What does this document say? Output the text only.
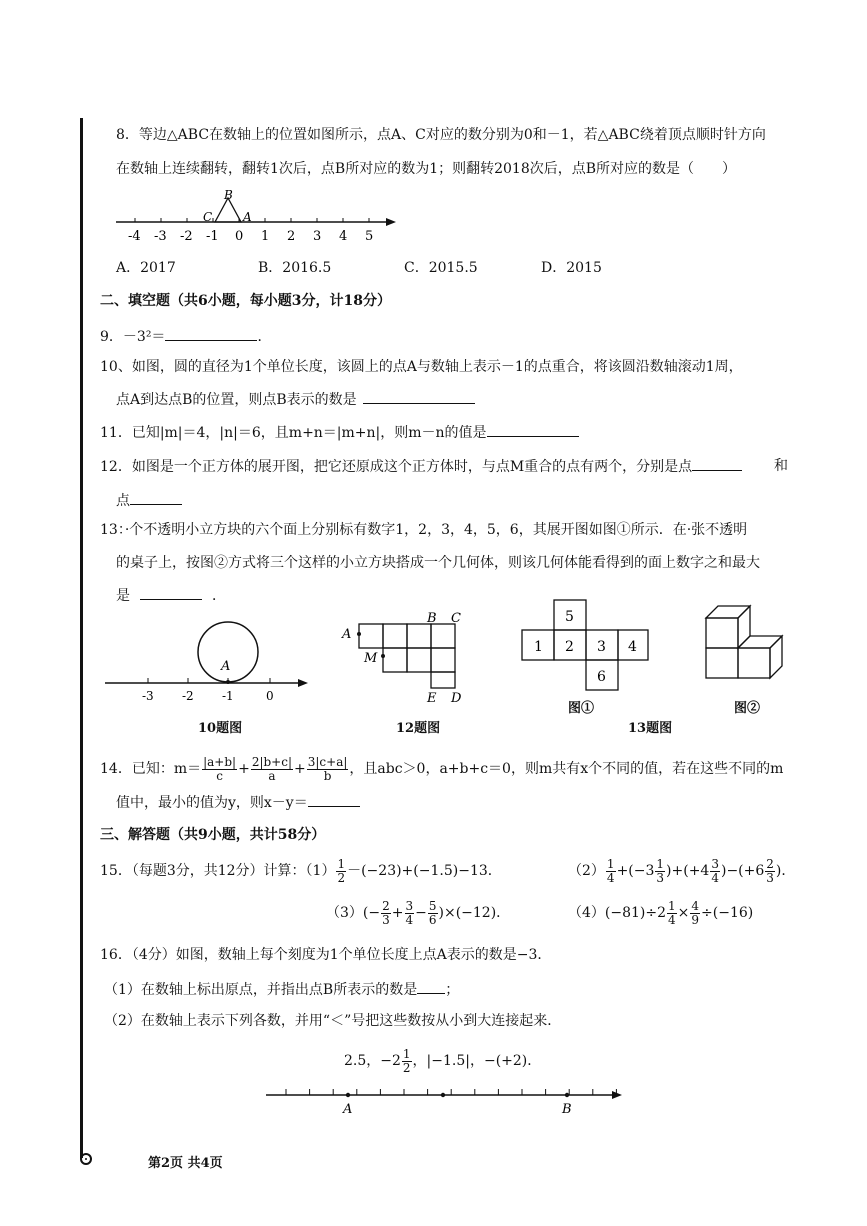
8．等边△ABC在数轴上的位置如图所示，点A、C对应的数分别为0和－1，若△ABC绕着顶点顺时针方向
在数轴上连续翻转，翻转1次后，点B所对应的数为1；则翻转2018次后，点B所对应的数是（　　）
-4 -3 -2 -1 0 1 2 3 4 5
B
C	A
A．2017	B．2016.5	C．2015.5	D．2015
二、填空题（共6小题，每小题3分，计18分）
9．－3²＝	．
10、如图，圆的直径为1个单位长度，该圆上的点A与数轴上表示－1的点重合，将该圆沿数轴滚动1周，
点A到达点B的位置，则点B表示的数是
11．已知|m|＝4，|n|＝6，且m+n＝|m+n|，则m－n的值是
12．如图是一个正方体的展开图，把它还原成这个正方体时，与点M重合的点有两个，分别是点	和
点
13：·个不透明小立方块的六个面上分别标有数字1，2，3，4，5，6，其展开图如图①所示．在·张不透明
的桌子上，按图②方式将三个这样的小立方块搭成一个几何体，则该几何体能看得到的面上数字之和最大
是	．
A
-3 -2 -1	0
10题图
A
B C
M
E D
12题图
5
1 2 3 4
6
图①
13题图
图②
14．已知：$m= \frac{|a+b|}{c} + \frac{2|b+c|}{a} + \frac{3|c+a|}{b}$ ，且abc＞0，a+b+c＝0，则m共有x个不同的值，若在这些不同的m
值中，最小的值为y，则x－y＝
三、解答题（共9小题，共计58分）
15．（每题3分，共12分）计算：$(1) \frac{1}{2} -(-23)+(-1.5)-13$．	$(2) \frac{1}{4} +(-3 \frac{1}{3} )+(+4 \frac{3}{4} )-(+6 \frac{2}{3}$ )．
$(3)(- \frac{2}{3} + \frac{3}{4} - \frac{5}{6} )\times(-12)$．	$(4)(-81)\div 2 \frac{1}{4} \times \frac{4}{9} \div(-16)$
16．（4分）如图，数轴上每个刻度为1个单位长度上点A表示的数是−3．
（1）在数轴上标出原点，并指出点B所表示的数是 ；
（2）在数轴上表示下列各数，并用“＜”号把这些数按从小到大连接起来．
2.5，$-2 \frac{1}{2}$ ，|−1.5|，−(+2)．
A	B
第2页 共4页
